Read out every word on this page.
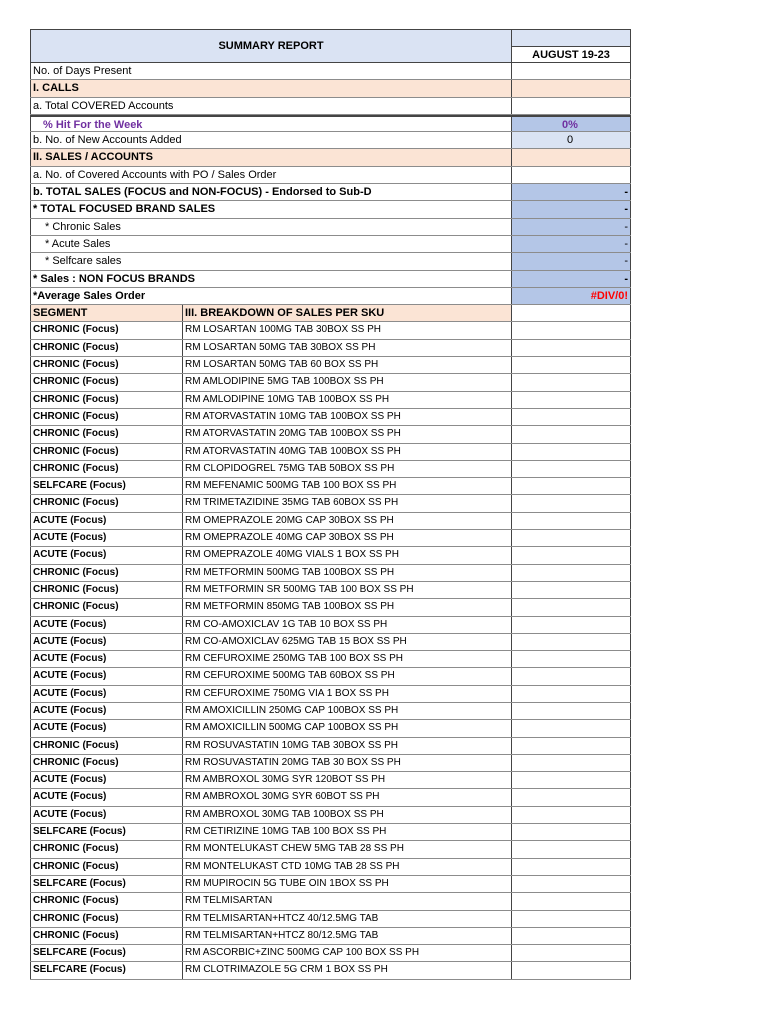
SUMMARY REPORT
AUGUST 19-23
No. of Days Present
I. CALLS
a. Total COVERED Accounts
% Hit For the Week	0%
b. No. of New Accounts Added	0
II. SALES / ACCOUNTS
a. No. of Covered Accounts with PO / Sales Order
b. TOTAL SALES (FOCUS and NON-FOCUS) - Endorsed to Sub-D	-
* TOTAL FOCUSED BRAND SALES	-
* Chronic Sales	-
* Acute Sales	-
* Selfcare sales	-
* Sales : NON FOCUS BRANDS	-
*Average Sales Order	#DIV/0!
SEGMENT	III. BREAKDOWN OF SALES PER SKU
CHRONIC (Focus)	RM LOSARTAN 100MG TAB 30BOX SS PH
CHRONIC (Focus)	RM LOSARTAN 50MG TAB 30BOX SS PH
CHRONIC (Focus)	RM LOSARTAN 50MG TAB 60 BOX SS PH
CHRONIC (Focus)	RM AMLODIPINE 5MG TAB 100BOX SS PH
CHRONIC (Focus)	RM AMLODIPINE 10MG TAB 100BOX SS PH
CHRONIC (Focus)	RM ATORVASTATIN 10MG TAB 100BOX SS PH
CHRONIC (Focus)	RM ATORVASTATIN 20MG TAB 100BOX SS PH
CHRONIC (Focus)	RM ATORVASTATIN 40MG TAB 100BOX SS PH
CHRONIC (Focus)	RM CLOPIDOGREL 75MG TAB 50BOX SS PH
SELFCARE (Focus)	RM MEFENAMIC 500MG TAB 100 BOX SS PH
CHRONIC (Focus)	RM TRIMETAZIDINE 35MG TAB 60BOX SS PH
ACUTE (Focus)	RM OMEPRAZOLE 20MG CAP 30BOX SS PH
ACUTE (Focus)	RM OMEPRAZOLE 40MG CAP 30BOX SS PH
ACUTE (Focus)	RM OMEPRAZOLE 40MG VIALS 1 BOX SS PH
CHRONIC (Focus)	RM METFORMIN 500MG TAB 100BOX SS PH
CHRONIC (Focus)	RM METFORMIN SR 500MG TAB 100 BOX SS PH
CHRONIC (Focus)	RM METFORMIN 850MG TAB 100BOX SS PH
ACUTE (Focus)	RM CO-AMOXICLAV 1G TAB 10 BOX SS PH
ACUTE (Focus)	RM CO-AMOXICLAV 625MG TAB 15 BOX SS PH
ACUTE (Focus)	RM CEFUROXIME 250MG TAB 100 BOX SS PH
ACUTE (Focus)	RM CEFUROXIME 500MG TAB 60BOX SS PH
ACUTE (Focus)	RM CEFUROXIME 750MG VIA 1 BOX SS PH
ACUTE (Focus)	RM AMOXICILLIN 250MG CAP 100BOX SS PH
ACUTE (Focus)	RM AMOXICILLIN 500MG CAP 100BOX SS PH
CHRONIC (Focus)	RM ROSUVASTATIN 10MG TAB 30BOX SS PH
CHRONIC (Focus)	RM ROSUVASTATIN 20MG TAB 30 BOX SS PH
ACUTE (Focus)	RM AMBROXOL 30MG SYR 120BOT SS PH
ACUTE (Focus)	RM AMBROXOL 30MG SYR 60BOT SS PH
ACUTE (Focus)	RM AMBROXOL 30MG TAB 100BOX SS PH
SELFCARE (Focus)	RM CETIRIZINE 10MG TAB 100 BOX SS PH
CHRONIC (Focus)	RM MONTELUKAST CHEW 5MG TAB 28 SS PH
CHRONIC (Focus)	RM MONTELUKAST CTD 10MG TAB 28 SS PH
SELFCARE (Focus)	RM MUPIROCIN 5G TUBE OIN 1BOX SS PH
CHRONIC (Focus)	RM TELMISARTAN
CHRONIC (Focus)	RM TELMISARTAN+HTCZ 40/12.5MG TAB
CHRONIC (Focus)	RM TELMISARTAN+HTCZ 80/12.5MG TAB
SELFCARE (Focus)	RM ASCORBIC+ZINC 500MG CAP 100 BOX SS PH
SELFCARE (Focus)	RM CLOTRIMAZOLE 5G CRM 1 BOX SS PH
